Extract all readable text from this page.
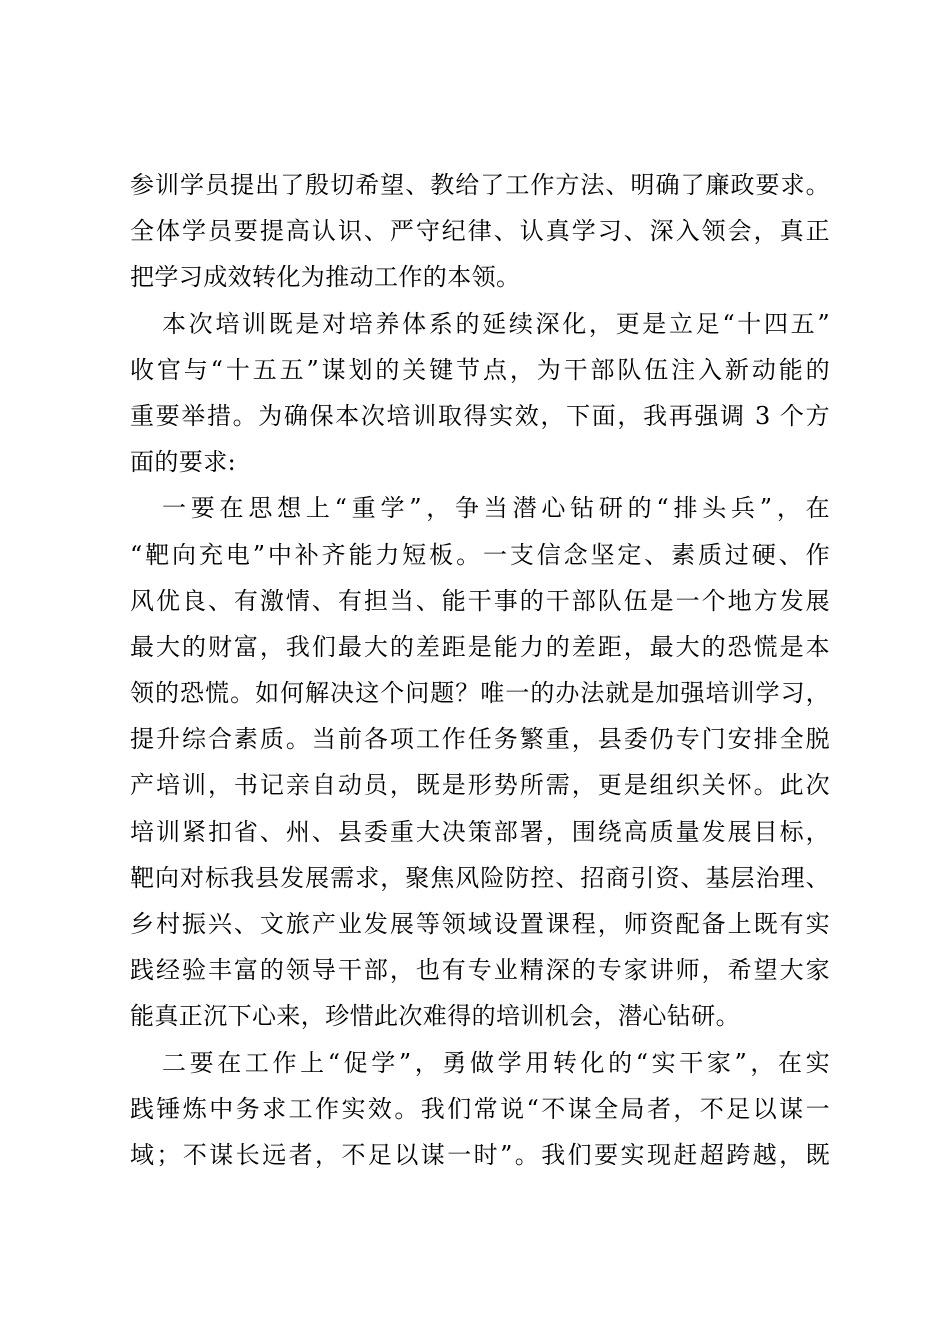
参训学员提出了殷切希望、教给了工作方法、明确了廉政要求。
全体学员要提高认识、严守纪律、认真学习、深入领会，真正
把学习成效转化为推动工作的本领。
本次培训既是对培养体系的延续深化，更是立足“十四五”
收官与“十五五”谋划的关键节点，为干部队伍注入新动能的
重要举措。为确保本次培训取得实效，下面，我再强调 3 个方
面的要求:
一要在思想上“重学”，争当潜心钻研的“排头兵”，在
“靶向充电”中补齐能力短板。一支信念坚定、素质过硬、作
风优良、有激情、有担当、能干事的干部队伍是一个地方发展
最大的财富，我们最大的差距是能力的差距，最大的恐慌是本
领的恐慌。如何解决这个问题？唯一的办法就是加强培训学习，
提升综合素质。当前各项工作任务繁重，县委仍专门安排全脱
产培训，书记亲自动员，既是形势所需，更是组织关怀。此次
培训紧扣省、州、县委重大决策部署，围绕高质量发展目标，
靶向对标我县发展需求，聚焦风险防控、招商引资、基层治理、
乡村振兴、文旅产业发展等领域设置课程，师资配备上既有实
践经验丰富的领导干部，也有专业精深的专家讲师，希望大家
能真正沉下心来，珍惜此次难得的培训机会，潜心钻研。
二要在工作上“促学”，勇做学用转化的“实干家”，在实
践锤炼中务求工作实效。我们常说“不谋全局者，不足以谋一
域；不谋长远者，不足以谋一时”。我们要实现赶超跨越，既
